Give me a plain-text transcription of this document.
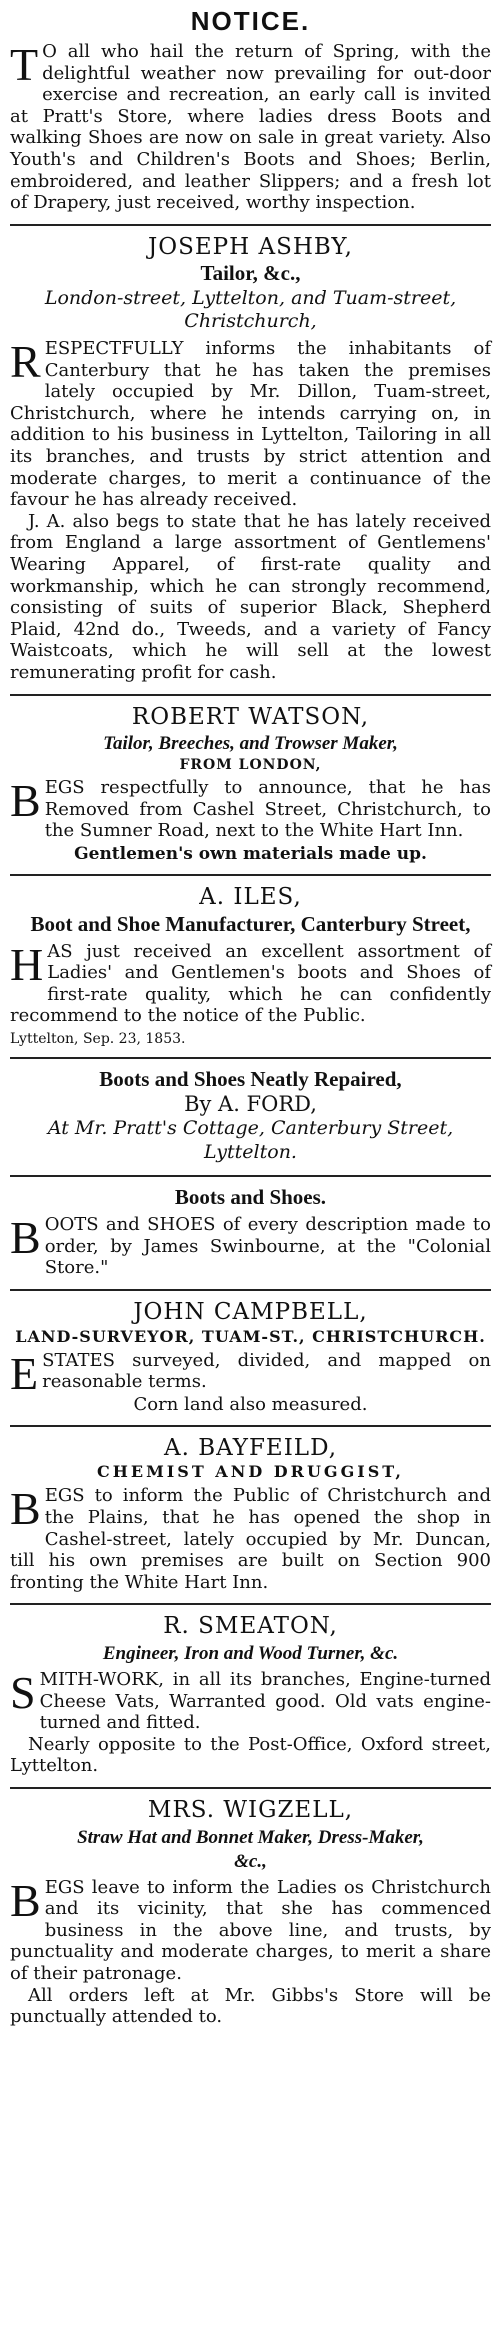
NOTICE.
T O all who hail the return of Spring, with the delightful weather now prevailing for out-door exercise and recreation, an early call is invited at Pratt's Store, where ladies dress Boots and walking Shoes are now on sale in great variety. Also Youth's and Children's Boots and Shoes; Berlin, embroidered, and leather Slippers; and a fresh lot of Drapery, just received, worthy inspection.
JOSEPH ASHBY,
Tailor, &c.,
London-street, Lyttelton, and Tuam-street,
Christchurch,

R ESPECTFULLY informs the inhabitants of Canterbury that he has taken the premises lately occupied by Mr. Dillon, Tuam-street, Christchurch, where he intends carrying on, in addition to his business in Lyttelton, Tailoring in all its branches, and trusts by strict attention and moderate charges, to merit a continuance of the favour he has already received.

J. A. also begs to state that he has lately received from England a large assortment of Gentlemens' Wearing Apparel, of first-rate quality and workmanship, which he can strongly recommend, consisting of suits of superior Black, Shepherd Plaid, 42nd do., Tweeds, and a variety of Fancy Waistcoats, which he will sell at the lowest remunerating profit for cash.

ROBERT WATSON,
Tailor, Breeches, and Trowser Maker,
FROM LONDON,
B EGS respectfully to announce, that he has Removed from Cashel Street, Christchurch, to the Sumner Road, next to the White Hart Inn.
Gentlemen's own materials made up.
A. ILES,
Boot and Shoe Manufacturer, Canterbury Street,
H AS just received an excellent assortment of Ladies' and Gentlemen's boots and Shoes of first-rate quality, which he can confidently recommend to the notice of the Public.
Lyttelton, Sep. 23, 1853.
Boots and Shoes Neatly Repaired,
By A. FORD,
At Mr. Pratt's Cottage, Canterbury Street,
Lyttelton.
Boots and Shoes.
B OOTS and SHOES of every description made to order, by James Swinbourne, at the "Colonial Store."
JOHN CAMPBELL,
LAND-SURVEYOR, TUAM-ST., CHRISTCHURCH.
E STATES surveyed, divided, and mapped on reasonable terms.
Corn land also measured.
A. BAYFEILD,
CHEMIST AND DRUGGIST,
B EGS to inform the Public of Christchurch and the Plains, that he has opened the shop in Cashel-street, lately occupied by Mr. Duncan, till his own premises are built on Section 900 fronting the White Hart Inn.
R. SMEATON,
Engineer, Iron and Wood Turner, &c.

S MITH-WORK, in all its branches, Engine-turned Cheese Vats, Warranted good. Old vats engine-turned and fitted.

Nearly opposite to the Post-Office, Oxford street, Lyttelton.

MRS. WIGZELL,
Straw Hat and Bonnet Maker, Dress-Maker,
&c.,

B EGS leave to inform the Ladies os Christchurch and its vicinity, that she has commenced business in the above line, and trusts, by punctuality and moderate charges, to merit a share of their patronage.

All orders left at Mr. Gibbs's Store will be punctually attended to.
